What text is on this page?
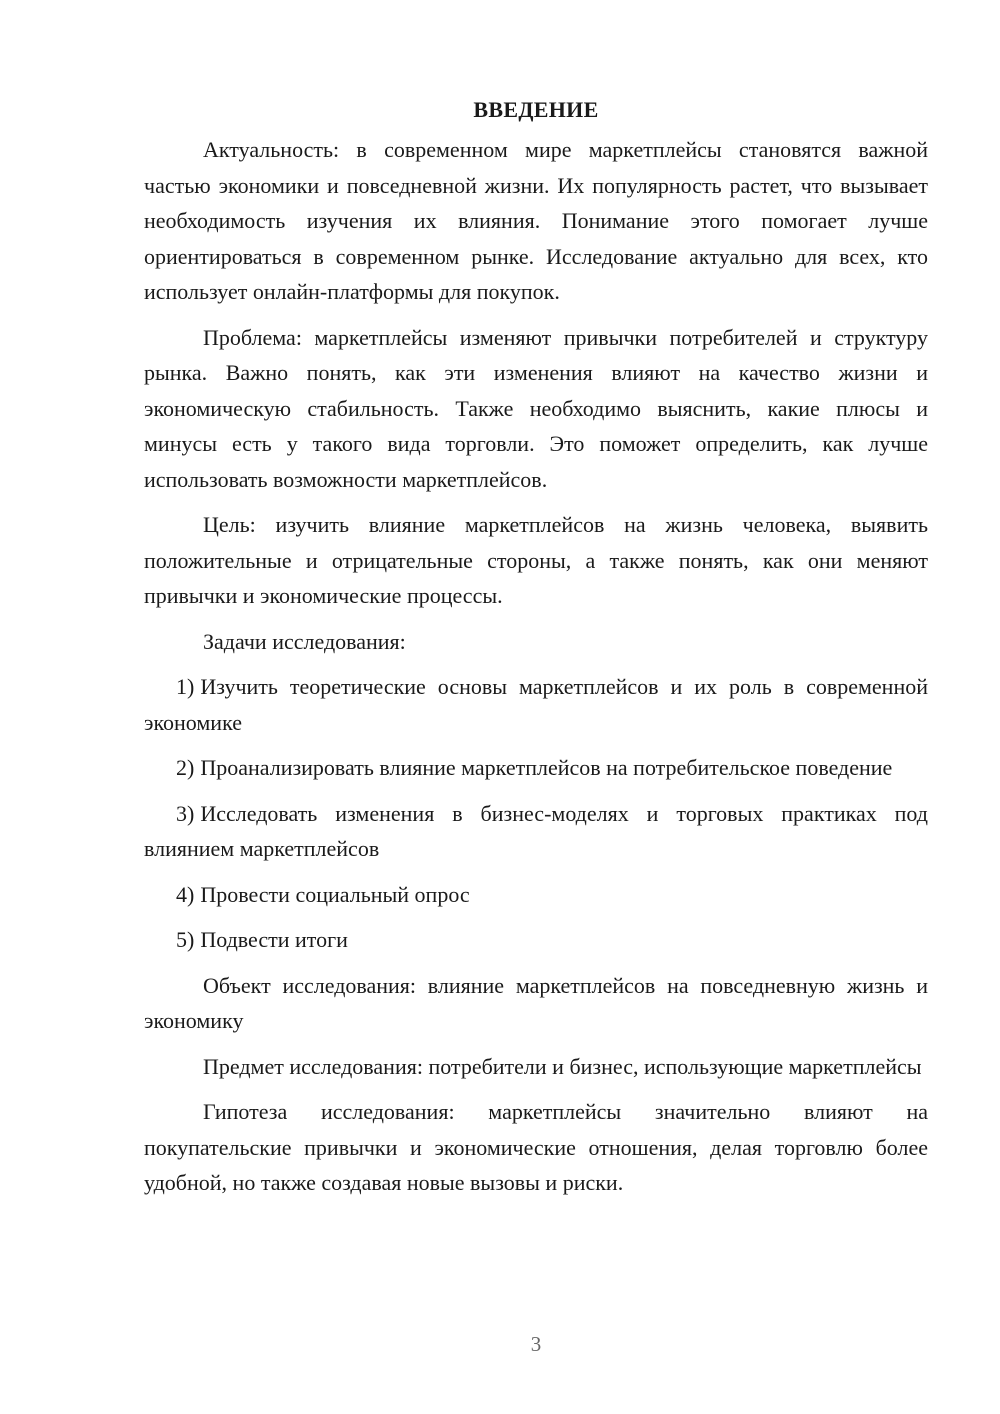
ВВЕДЕНИЕ

Актуальность: в современном мире маркетплейсы становятся важной частью экономики и повседневной жизни. Их популярность растет, что вызывает необходимость изучения их влияния. Понимание этого помогает лучше ориентироваться в современном рынке. Исследование актуально для всех, кто использует онлайн-платформы для покупок.

Проблема: маркетплейсы изменяют привычки потребителей и структуру рынка. Важно понять, как эти изменения влияют на качество жизни и экономическую стабильность. Также необходимо выяснить, какие плюсы и минусы есть у такого вида торговли. Это поможет определить, как лучше использовать возможности маркетплейсов.

Цель: изучить влияние маркетплейсов на жизнь человека, выявить положительные и отрицательные стороны, а также понять, как они меняют привычки и экономические процессы.

Задачи исследования:

1) Изучить теоретические основы маркетплейсов и их роль в современной экономике

2) Проанализировать влияние маркетплейсов на потребительское поведение

3) Исследовать изменения в бизнес-моделях и торговых практиках под влиянием маркетплейсов

4) Провести социальный опрос

5) Подвести итоги

Объект исследования: влияние маркетплейсов на повседневную жизнь и экономику

Предмет исследования: потребители и бизнес, использующие маркетплейсы

Гипотеза исследования: маркетплейсы значительно влияют на покупательские привычки и экономические отношения, делая торговлю более удобной, но также создавая новые вызовы и риски.

3
